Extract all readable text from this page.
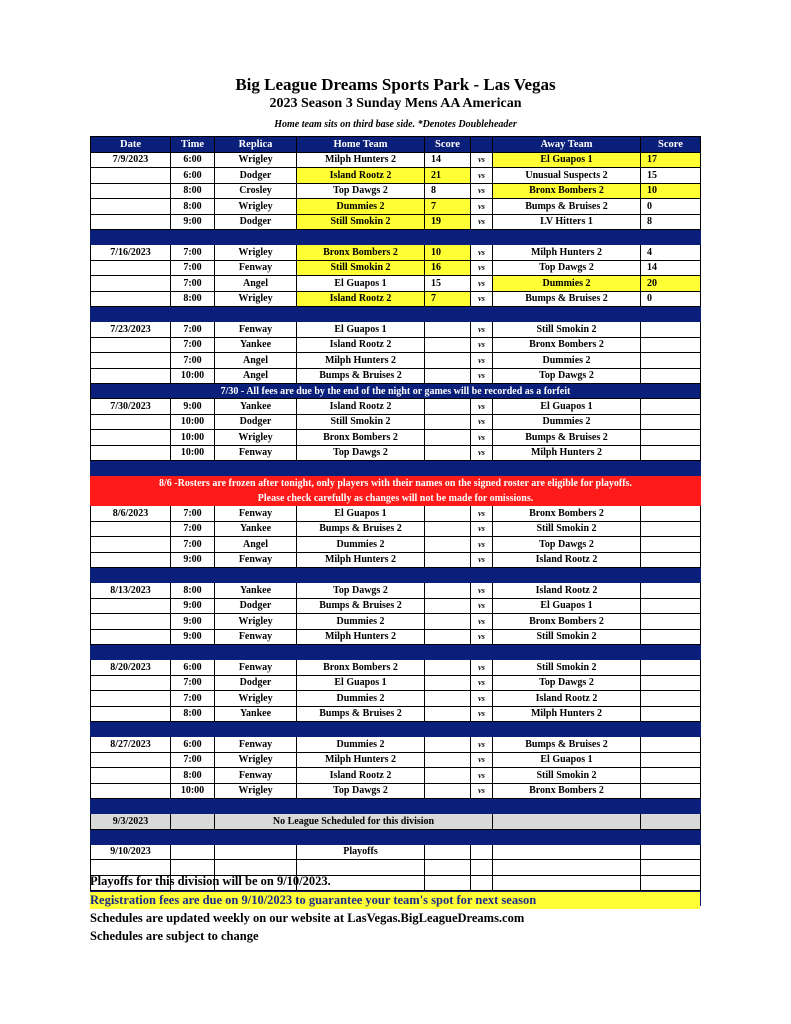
Big League Dreams Sports Park - Las Vegas
2023 Season 3 Sunday Mens AA American
Home team sits on third base side. *Denotes Doubleheader
Date	Time	Replica	Home Team	Score		Away Team	Score
7/9/2023	6:00	Wrigley	Milph Hunters 2	14	vs	El Guapos 1	17
	6:00	Dodger	Island Rootz 2	21	vs	Unusual Suspects 2	15
	8:00	Crosley	Top Dawgs 2	8	vs	Bronx Bombers 2	10
	8:00	Wrigley	Dummies 2	7	vs	Bumps & Bruises 2	0
	9:00	Dodger	Still Smokin 2	19	vs	LV Hitters 1	8

7/16/2023	7:00	Wrigley	Bronx Bombers 2	10	vs	Milph Hunters 2	4
	7:00	Fenway	Still Smokin 2	16	vs	Top Dawgs 2	14
	7:00	Angel	El Guapos 1	15	vs	Dummies 2	20
	8:00	Wrigley	Island Rootz 2	7	vs	Bumps & Bruises 2	0

7/23/2023	7:00	Fenway	El Guapos 1		vs	Still Smokin 2	
	7:00	Yankee	Island Rootz 2		vs	Bronx Bombers 2	
	7:00	Angel	Milph Hunters 2		vs	Dummies 2	
	10:00	Angel	Bumps & Bruises 2		vs	Top Dawgs 2	
7/30 - All fees are due by the end of the night or games will be recorded as a forfeit							
7/30/2023	9:00	Yankee	Island Rootz 2		vs	El Guapos 1	
	10:00	Dodger	Still Smokin 2		vs	Dummies 2	
	10:00	Wrigley	Bronx Bombers 2		vs	Bumps & Bruises 2	
	10:00	Fenway	Top Dawgs 2		vs	Milph Hunters 2	

8/6 -Rosters are frozen after tonight, only players with their names on the signed roster are eligible for playoffs.							
Please check carefully as changes will not be made for omissions.							
8/6/2023	7:00	Fenway	El Guapos 1		vs	Bronx Bombers 2	
	7:00	Yankee	Bumps & Bruises 2		vs	Still Smokin 2	
	7:00	Angel	Dummies 2		vs	Top Dawgs 2	
	9:00	Fenway	Milph Hunters 2		vs	Island Rootz 2	

8/13/2023	8:00	Yankee	Top Dawgs 2		vs	Island Rootz 2	
	9:00	Dodger	Bumps & Bruises 2		vs	El Guapos 1	
	9:00	Wrigley	Dummies 2		vs	Bronx Bombers 2	
	9:00	Fenway	Milph Hunters 2		vs	Still Smokin 2	

8/20/2023	6:00	Fenway	Bronx Bombers 2		vs	Still Smokin 2	
	7:00	Dodger	El Guapos 1		vs	Top Dawgs 2	
	7:00	Wrigley	Dummies 2		vs	Island Rootz 2	
	8:00	Yankee	Bumps & Bruises 2		vs	Milph Hunters 2	

8/27/2023	6:00	Fenway	Dummies 2		vs	Bumps & Bruises 2	
	7:00	Wrigley	Milph Hunters 2		vs	El Guapos 1	
	8:00	Fenway	Island Rootz 2		vs	Still Smokin 2	
	10:00	Wrigley	Top Dawgs 2		vs	Bronx Bombers 2	

9/3/2023		No League Scheduled for this division					

9/10/2023			Playoffs				

Playoffs for this division will be on 9/10/2023.
Registration fees are due on 9/10/2023 to guarantee your team's spot for next season
Schedules are updated weekly on our website at LasVegas.BigLeagueDreams.com
Schedules are subject to change
